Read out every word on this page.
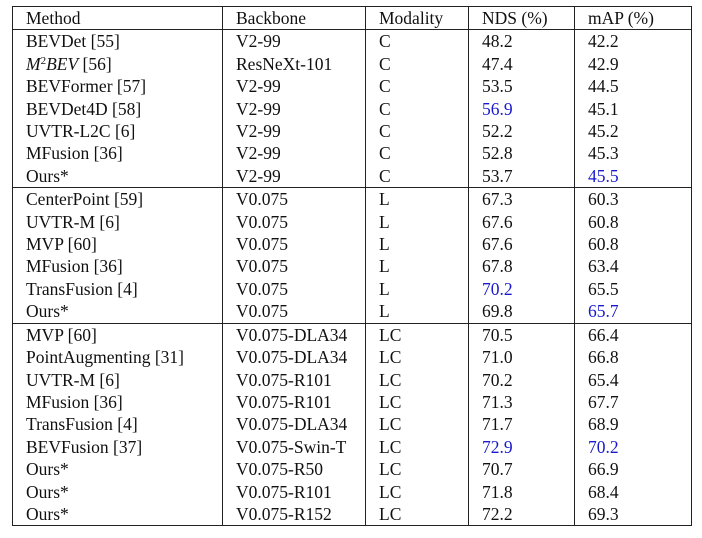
Method	Backbone	Modality	NDS (%)	mAP (%)
BEVDet [55]	V2-99	C	48.2	42.2
$M^2BEV$ [56]	ResNeXt-101	C	47.4	42.9
BEVFormer [57]	V2-99	C	53.5	44.5
BEVDet4D [58]	V2-99	C	56.9	45.1
UVTR-L2C [6]	V2-99	C	52.2	45.2
MFusion [36]	V2-99	C	52.8	45.3
Ours*	V2-99	C	53.7	45.5
CenterPoint [59]	V0.075	L	67.3	60.3
UVTR-M [6]	V0.075	L	67.6	60.8
MVP [60]	V0.075	L	67.6	60.8
MFusion [36]	V0.075	L	67.8	63.4
TransFusion [4]	V0.075	L	70.2	65.5
Ours*	V0.075	L	69.8	65.7
MVP [60]	V0.075-DLA34	LC	70.5	66.4
PointAugmenting [31]	V0.075-DLA34	LC	71.0	66.8
UVTR-M [6]	V0.075-R101	LC	70.2	65.4
MFusion [36]	V0.075-R101	LC	71.3	67.7
TransFusion [4]	V0.075-DLA34	LC	71.7	68.9
BEVFusion [37]	V0.075-Swin-T	LC	72.9	70.2
Ours*	V0.075-R50	LC	70.7	66.9
Ours*	V0.075-R101	LC	71.8	68.4
Ours*	V0.075-R152	LC	72.2	69.3
